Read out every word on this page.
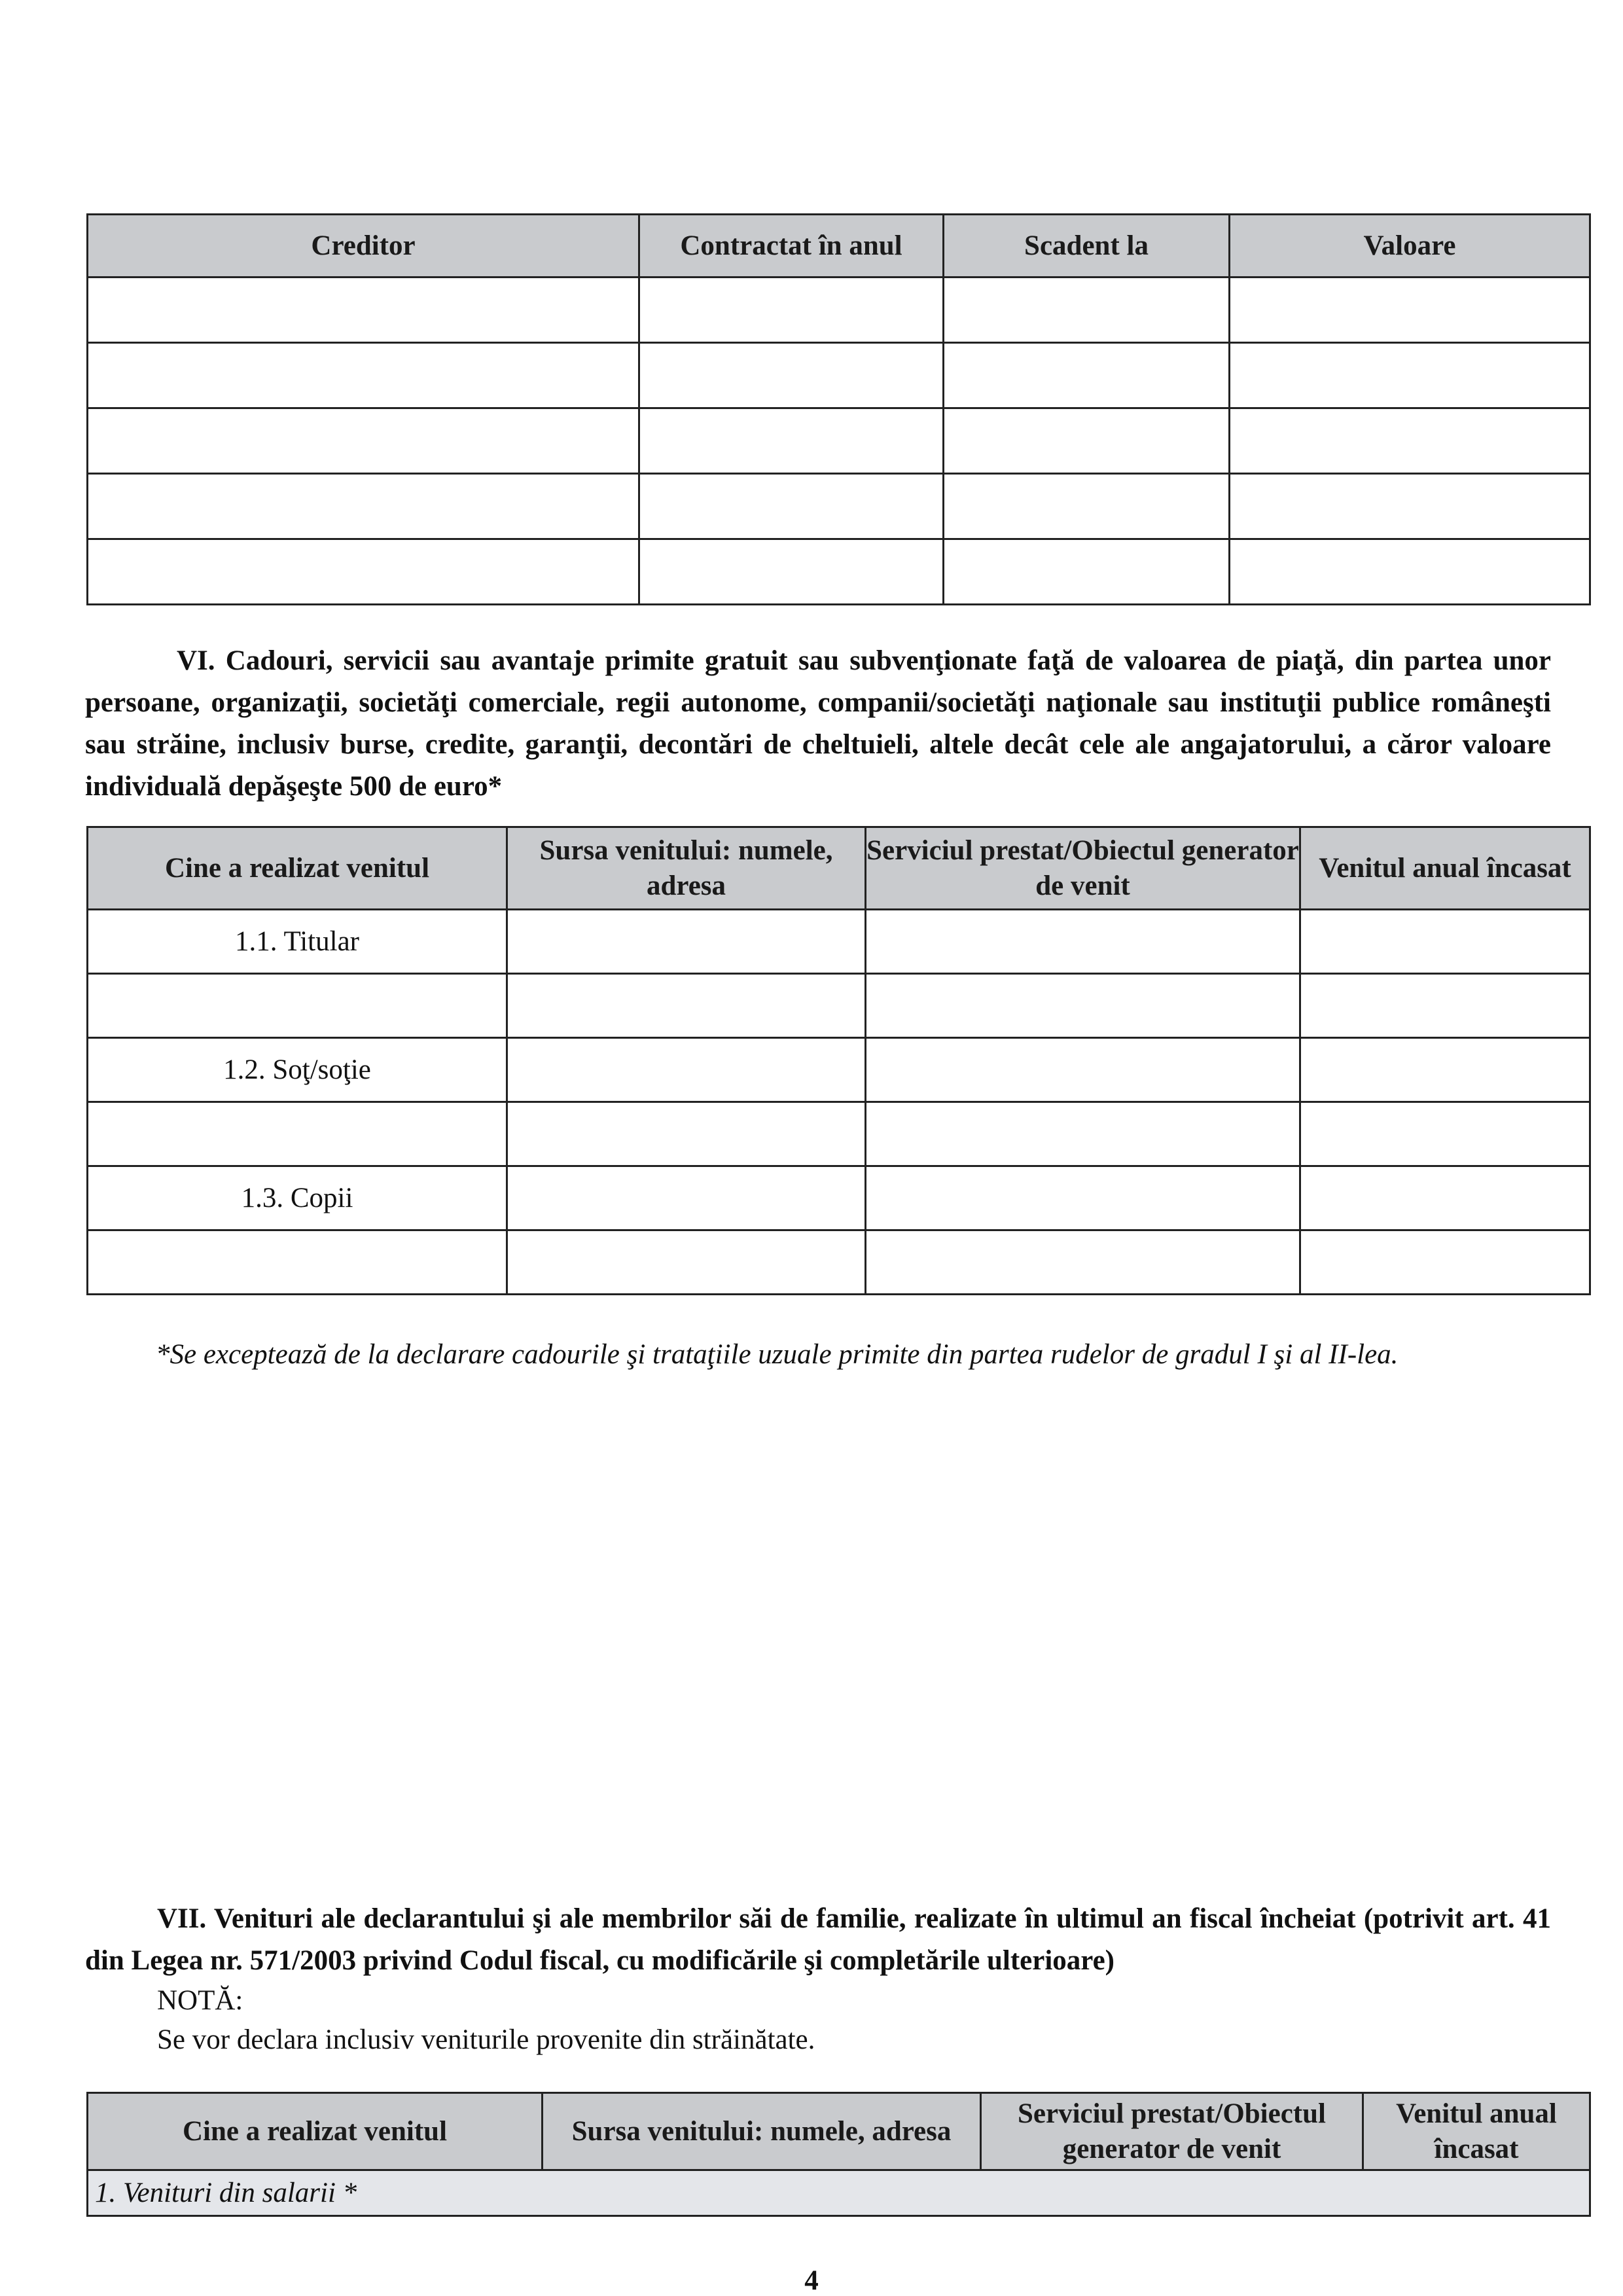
Creditor	Contractat în anul	Scadent la	Valoare

VI. Cadouri, servicii sau avantaje primite gratuit sau subvenţionate faţă de valoarea de piaţă, din partea unor persoane, organizaţii, societăţi comerciale, regii autonome, companii/societăţi naţionale sau instituţii publice româneşti sau străine, inclusiv burse, credite, garanţii, decontări de cheltuieli, altele decât cele ale angajatorului, a căror valoare individuală depăşeşte 500 de euro*
Cine a realizat venitul	Sursa venitului: numele, adresa	Serviciul prestat/Obiectul generator de venit	Venitul anual încasat
1.1. Titular			

1.2. Soţ/soţie			

1.3. Copii			

*Se exceptează de la declarare cadourile şi trataţiile uzuale primite din partea rudelor de gradul I şi al II-lea.
VII. Venituri ale declarantului şi ale membrilor săi de familie, realizate în ultimul an fiscal încheiat (potrivit art. 41 din Legea nr. 571/2003 privind Codul fiscal, cu modificările şi completările ulterioare)
NOTĂ:
Se vor declara inclusiv veniturile provenite din străinătate.
Cine a realizat venitul	Sursa venitului: numele, adresa	Serviciul prestat/Obiectul generator de venit	Venitul anual încasat
1. Venituri din salarii *
4
